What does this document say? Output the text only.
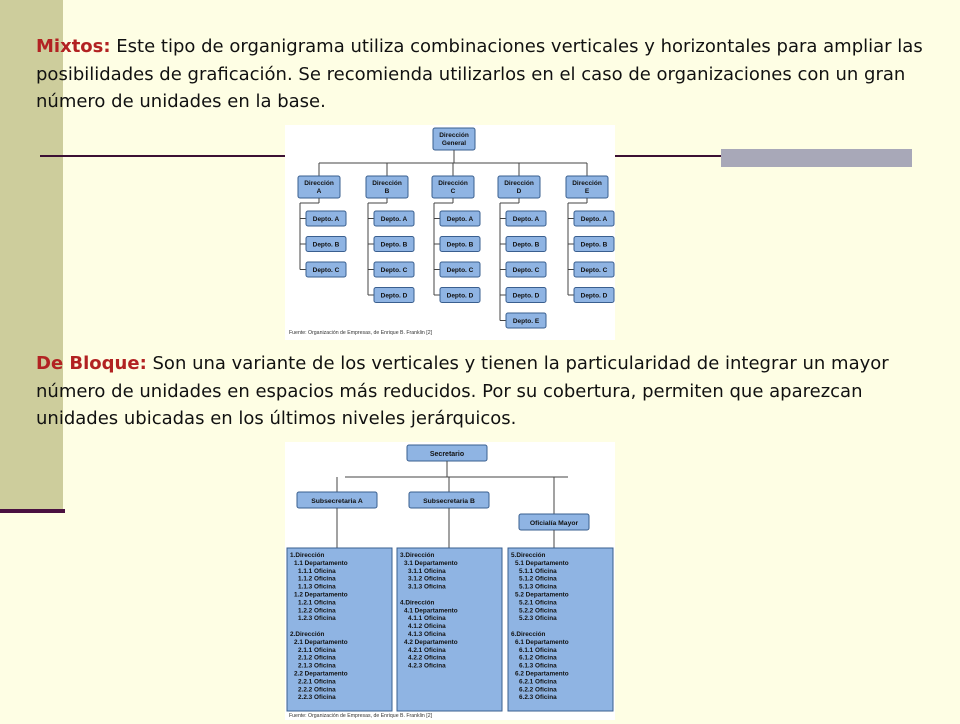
Mixtos: Este tipo de organigrama utiliza combinaciones verticales y horizontales para ampliar las posibilidades de graficación. Se recomienda utilizarlos en el caso de organizaciones con un gran número de unidades en la base.

Dirección
General
Dirección
A
Depto. A
Depto. B
Depto. C
Dirección
B
Depto. A
Depto. B
Depto. C
Depto. D
Dirección
C
Depto. A
Depto. B
Depto. C
Depto. D
Dirección
D
Depto. A
Depto. B
Depto. C
Depto. D
Depto. E
Dirección
E
Depto. A
Depto. B
Depto. C
Depto. D
Fuente: Organización de Empresas, de Enrique B. Franklin [2]

De Bloque: Son una variante de los verticales y tienen la particularidad de integrar un mayor número de unidades en espacios más reducidos. Por su cobertura, permiten que aparezcan unidades ubicadas en los últimos niveles jerárquicos.

Secretario
Subsecretaria A	Subsecretaria B
Oficialía Mayor
1.Dirección
1.1 Departamento
1.1.1 Oficina
1.1.2 Oficina
1.1.3 Oficina
1.2 Departamento
1.2.1 Oficina
1.2.2 Oficina
1.2.3 Oficina
2.Dirección
2.1 Departamento
2.1.1 Oficina
2.1.2 Oficina
2.1.3 Oficina
2.2 Departamento
2.2.1 Oficina
2.2.2 Oficina
2.2.3 Oficina
3.Dirección
3.1 Departamento
3.1.1 Oficina
3.1.2 Oficina
3.1.3 Oficina
4.Dirección
4.1 Departamento
4.1.1 Oficina
4.1.2 Oficina
4.1.3 Oficina
4.2 Departamento
4.2.1 Oficina
4.2.2 Oficina
4.2.3 Oficina
5.Dirección
5.1 Departamento
5.1.1 Oficina
5.1.2 Oficina
5.1.3 Oficina
5.2 Departamento
5.2.1 Oficina
5.2.2 Oficina
5.2.3 Oficina
6.Dirección
6.1 Departamento
6.1.1 Oficina
6.1.2 Oficina
6.1.3 Oficina
6.2 Departamento
6.2.1 Oficina
6.2.2 Oficina
6.2.3 Oficina
Fuente: Organización de Empresas, de Enrique B. Franklin [2]
